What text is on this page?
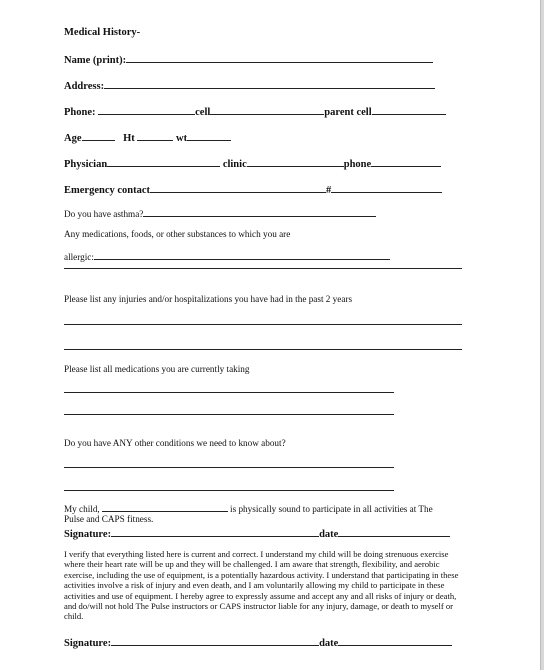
Medical History-
Name (print):
Address:
Phone:	cell	parent cell
Age	Ht	wt
Physician	clinic	phone
Emergency contact	#
Do you have asthma?
Any medications, foods, or other substances to which you are
allergic:
Please list any injuries and/or hospitalizations you have had in the past 2 years
Please list all medications you are currently taking
Do you have ANY other conditions we need to know about?
My child,	is physically sound to participate in all activities at The
Pulse and CAPS fitness.
Signature:	date
I verify that everything listed here is current and correct. I understand my child will be doing strenuous exercise where their heart rate will be up and they will be challenged. I am aware that strength, flexibility, and aerobic exercise, including the use of equipment, is a potentially hazardous activity. I understand that participating in these activities involve a risk of injury and even death, and I am voluntarily allowing my child to participate in these activities and use of equipment. I hereby agree to expressly assume and accept any and all risks of injury or death, and do/will not hold The Pulse instructors or CAPS instructor liable for any injury, damage, or death to myself or child.
Signature:	date
